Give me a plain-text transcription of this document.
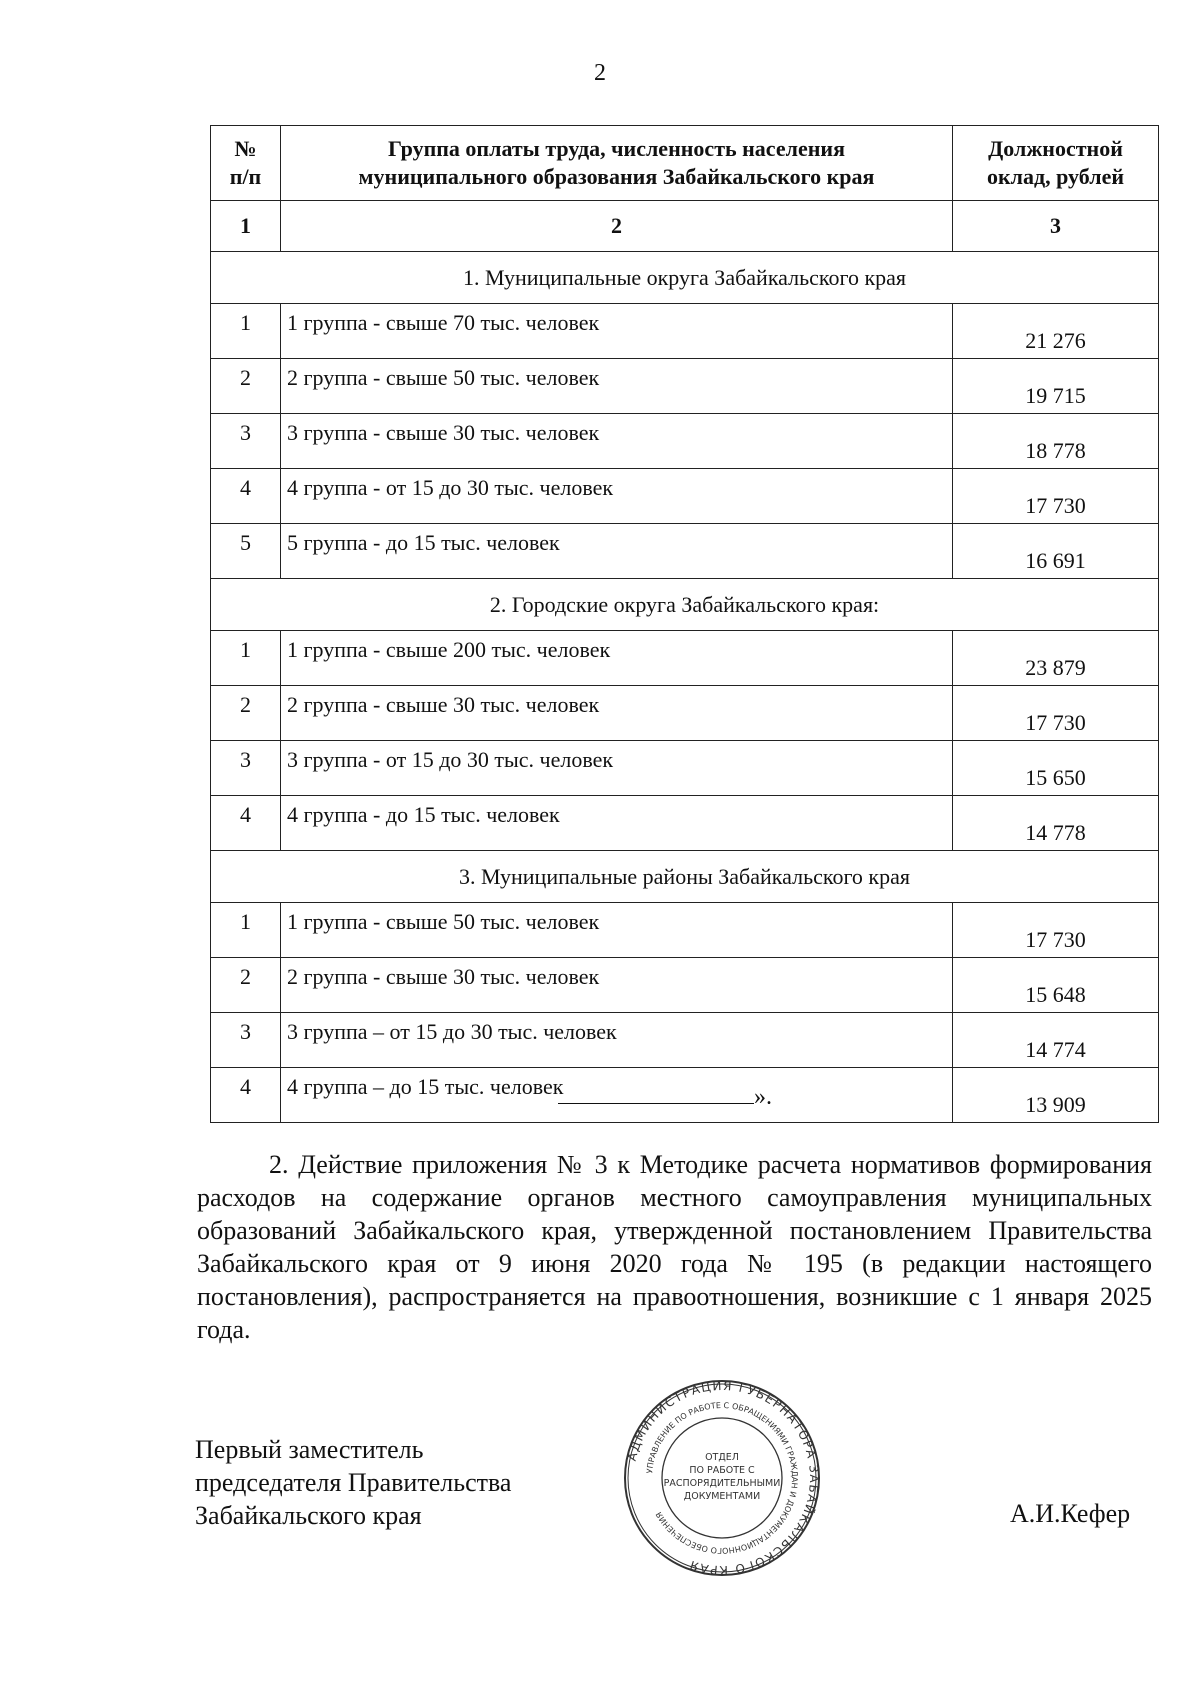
2
№ п/п	Группа оплаты труда, численность населения муниципального образования Забайкальского края	Должностной оклад, рублей
1	2	3
1. Муниципальные округа Забайкальского края		
1	1 группа - свыше 70 тыс. человек	21 276
2	2 группа - свыше 50 тыс. человек	19 715
3	3 группа - свыше 30 тыс. человек	18 778
4	4 группа - от 15 до 30 тыс. человек	17 730
5	5 группа - до 15 тыс. человек	16 691
2. Городские округа Забайкальского края:		
1	1 группа - свыше 200 тыс. человек	23 879
2	2 группа - свыше 30 тыс. человек	17 730
3	3 группа - от 15 до 30 тыс. человек	15 650
4	4 группа - до 15 тыс. человек	14 778
3. Муниципальные районы Забайкальского края		
1	1 группа - свыше 50 тыс. человек	17 730
2	2 группа - свыше 30 тыс. человек	15 648
3	3 группа – от 15 до 30 тыс. человек	14 774
4	4 группа – до 15 тыс. человек	13 909
».
2. Действие приложения № 3 к Методике расчета нормативов формирования расходов на содержание органов местного самоуправления муниципальных образований Забайкальского края, утвержденной постановлением Правительства Забайкальского края от 9 июня 2020 года № 195 (в редакции настоящего постановления), распространяется на правоотношения, возникшие с 1 января 2025 года.
Первый заместитель
председателя Правительства
Забайкальского края	А.И.Кефер
АДМИНИСТРАЦИЯ ГУБЕРНАТОРА ЗАБАЙКАЛЬСКОГО КРАЯ
УПРАВЛЕНИЕ ПО РАБОТЕ С ОБРАЩЕНИЯМИ ГРАЖДАН И ДОКУМЕНТАЦИОННОГО ОБЕСПЕЧЕНИЯ
ОТДЕЛ
ПО РАБОТЕ С
РАСПОРЯДИТЕЛЬНЫМИ
ДОКУМЕНТАМИ
